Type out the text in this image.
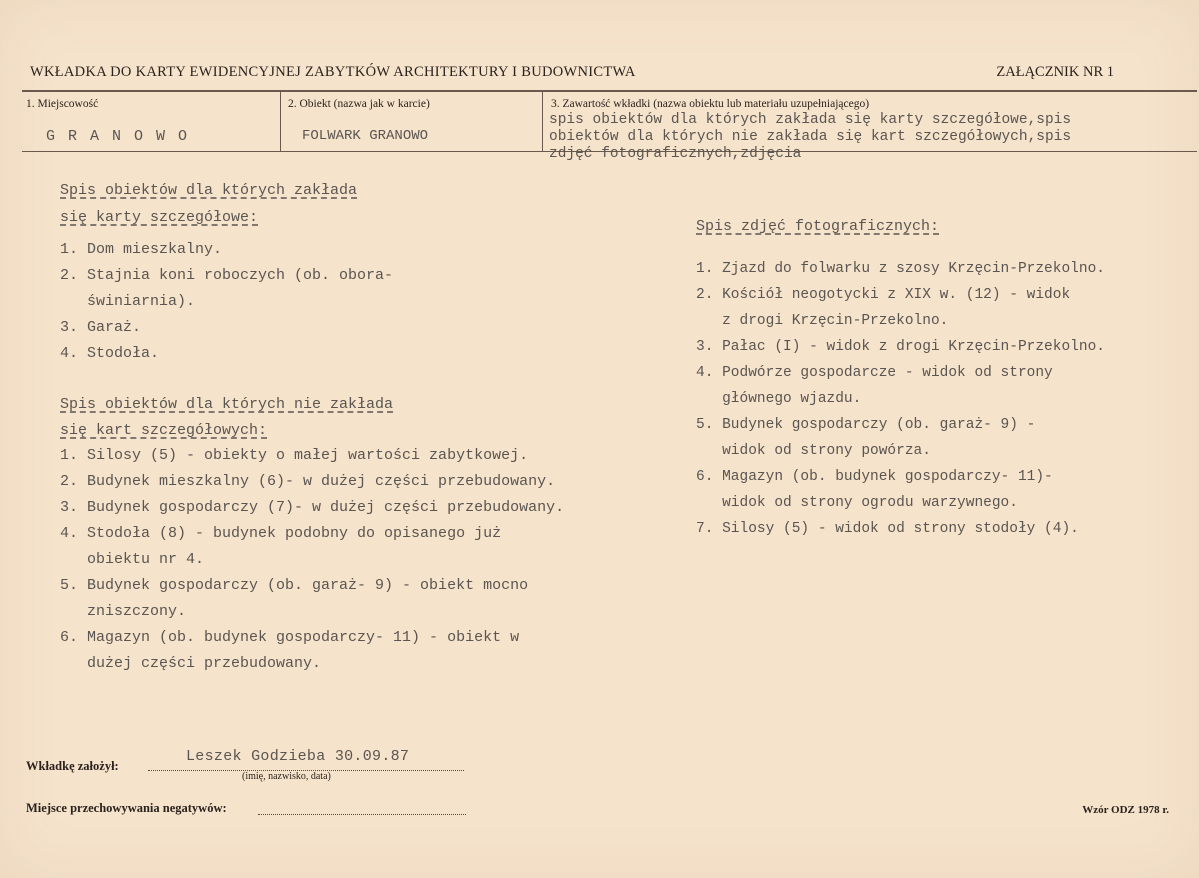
WKŁADKA DO KARTY EWIDENCYJNEJ ZABYTKÓW ARCHITEKTURY I BUDOWNICTWA	ZAŁĄCZNIK NR 1
1. Miejscowość
G R A N O W O
2. Obiekt (nazwa jak w karcie)
FOLWARK GRANOWO
3. Zawartość wkładki (nazwa obiektu lub materiału uzupełniającego)
spis obiektów dla których zakłada się karty szczegółowe,spis
obiektów dla których nie zakłada się kart szczegółowych,spis
zdjęć fotograficznych,zdjęcia
Spis obiektów dla których zakłada
się karty szczegółowe:
1. Dom mieszkalny.
2. Stajnia koni roboczych (ob. obora-
świniarnia).
3. Garaż.
4. Stodoła.
Spis obiektów dla których nie zakłada
się kart szczegółowych:
1. Silosy (5) - obiekty o małej wartości zabytkowej.
2. Budynek mieszkalny (6)- w dużej części przebudowany.
3. Budynek gospodarczy (7)- w dużej części przebudowany.
4. Stodoła (8) - budynek podobny do opisanego już
obiektu nr 4.
5. Budynek gospodarczy (ob. garaż- 9) - obiekt mocno
zniszczony.
6. Magazyn (ob. budynek gospodarczy- 11) - obiekt w
dużej części przebudowany.
Spis zdjęć fotograficznych:
1. Zjazd do folwarku z szosy Krzęcin-Przekolno.
2. Kościół neogotycki z XIX w. (12) - widok
z drogi Krzęcin-Przekolno.
3. Pałac (I) - widok z drogi Krzęcin-Przekolno.
4. Podwórze gospodarcze - widok od strony
głównego wjazdu.
5. Budynek gospodarczy (ob. garaż- 9) -
widok od strony powórza.
6. Magazyn (ob. budynek gospodarczy- 11)-
widok od strony ogrodu warzywnego.
7. Silosy (5) - widok od strony stodoły (4).
Wkładkę założył:
Leszek Godzieba 30.09.87
(imię, nazwisko, data)
Miejsce przechowywania negatywów:	Wzór ODZ 1978 r.
